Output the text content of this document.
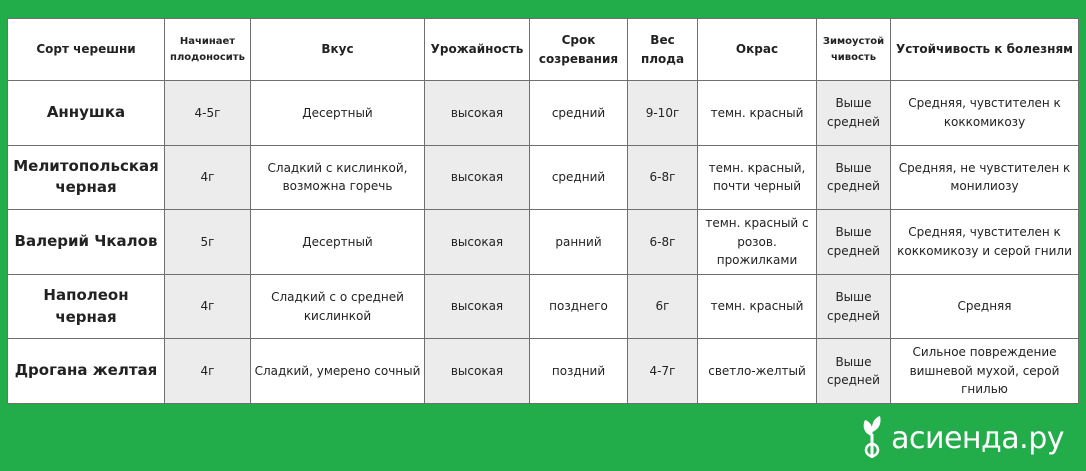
Сорт черешни	Начинает плодоносить	Вкус	Урожайность	Срок созревания	Вес плода	Окрас	Зимоустойчивость	Устойчивость к болезням
Аннушка	4-5г	Десертный	высокая	средний	9-10г	темн. красный	Выше средней	Средняя, чувстителен к коккомикозу
Мелитопольская черная	4г	Сладкий с кислинкой, возможна горечь	высокая	средний	6-8г	темн. красный, почти черный	Выше средней	Средняя, не чувстителен к монилиозу
Валерий Чкалов	5г	Десертный	высокая	ранний	6-8г	темн. красный с розов. прожилками	Выше средней	Средняя, чувстителен к коккомикозу и серой гнили
Наполеон черная	4г	Сладкий с о средней кислинкой	высокая	позднего	6г	темн. красный	Выше средней	Средняя
Дрогана желтая	4г	Сладкий, умерено сочный	высокая	поздний	4-7г	светло-желтый	Выше средней	Сильное повреждение вишневой мухой, серой гнилью
асиенда.ру
